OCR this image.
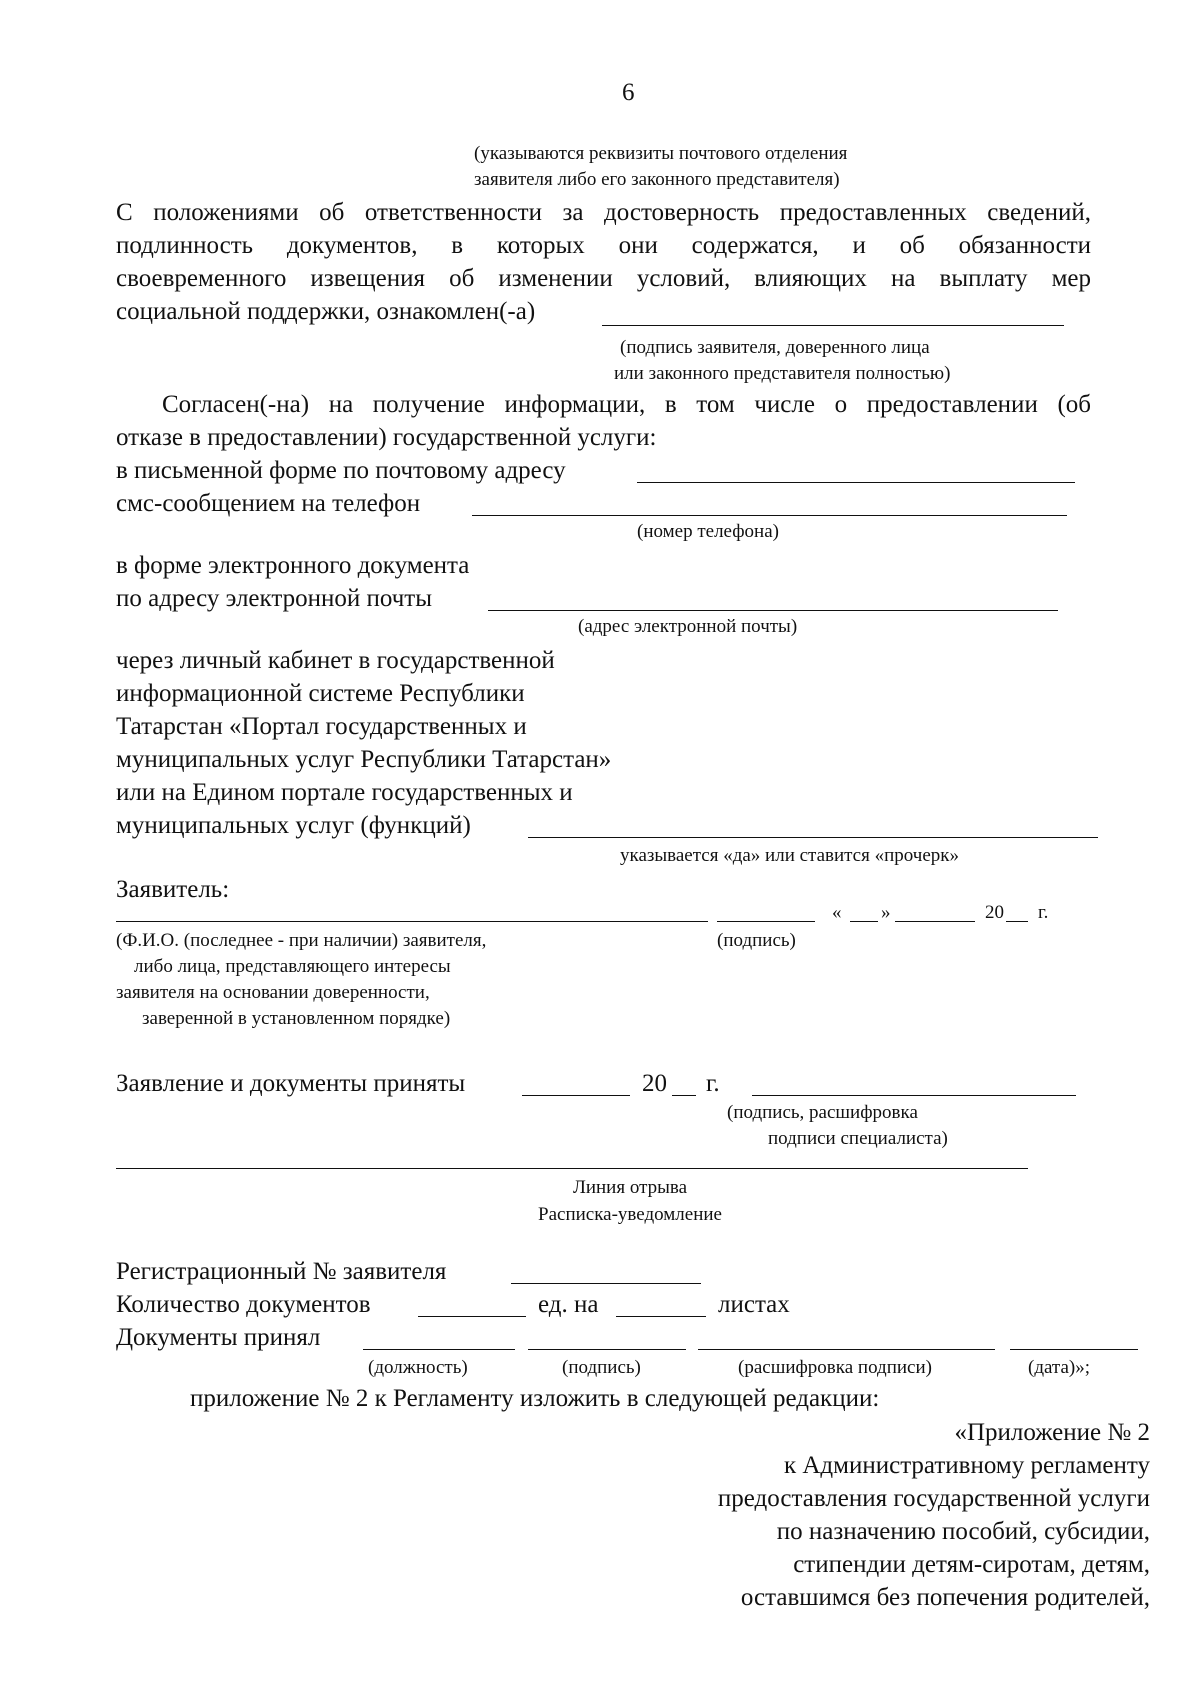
6
(указываются реквизиты почтового отделения
заявителя либо его законного представителя)
С положениями об ответственности за достоверность предоставленных сведений,
подлинность документов, в которых они содержатся, и об обязанности
своевременного извещения об изменении условий, влияющих на выплату мер
социальной поддержки, ознакомлен(-а)
(подпись заявителя, доверенного лица
или законного представителя полностью)
Согласен(-на) на получение информации, в том числе о предоставлении (об
отказе в предоставлении) государственной услуги:
в письменной форме по почтовому адресу
смс-сообщением на телефон
(номер телефона)
в форме электронного документа
по адресу электронной почты
(адрес электронной почты)
через личный кабинет в государственной
информационной системе Республики
Татарстан «Портал государственных и
муниципальных услуг Республики Татарстан»
или на Едином портале государственных и
муниципальных услуг (функций)
указывается «да» или ставится «прочерк»
Заявитель:
« »	20 г.
(Ф.И.О. (последнее - при наличии) заявителя,
либо лица, представляющего интересы
заявителя на основании доверенности,
заверенной в установленном порядке)
(подпись)
Заявление и документы приняты	20 г.
(подпись, расшифровка
подписи специалиста)
Линия отрыва
Расписка-уведомление
Регистрационный № заявителя
Количество документов	ед. на	листах
Документы принял
(должность)	(подпись)	(расшифровка подписи)	(дата)»;
приложение № 2 к Регламенту изложить в следующей редакции:
«Приложение № 2
к Административному регламенту
предоставления государственной услуги
по назначению пособий, субсидии,
стипендии детям-сиротам, детям,
оставшимся без попечения родителей,
